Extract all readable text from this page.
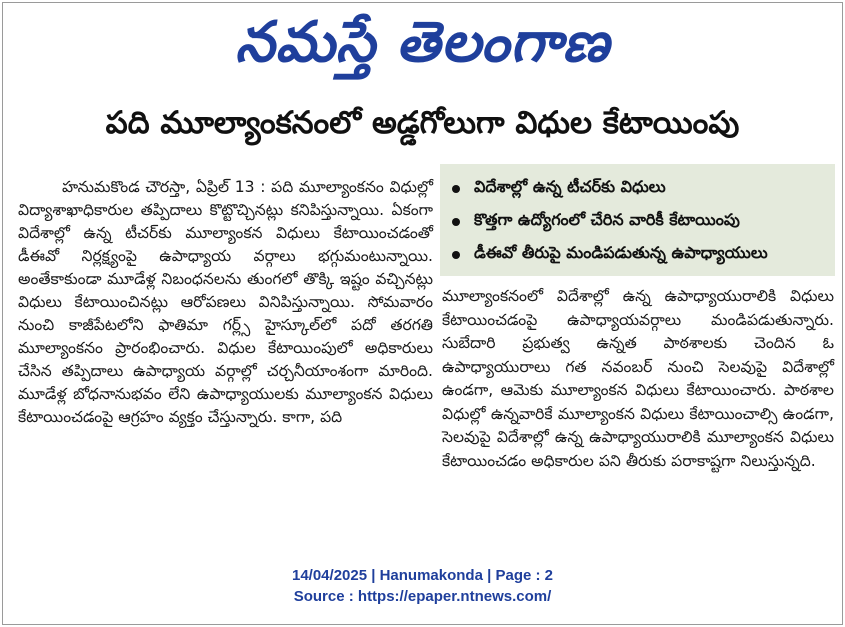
నమస్తే తెలంగాణ
పది మూల్యాంకనంలో అడ్డగోలుగా విధుల కేటాయింపు

హనుమకొండ చౌరస్తా, ఏప్రిల్ 13 : పది మూల్యాంకనం విధుల్లో విద్యాశాఖాధికారుల తప్పిదాలు కొట్టొచ్చినట్లు కనిపిస్తున్నాయి. ఏకంగా విదేశాల్లో ఉన్న టీచర్‌కు మూల్యాంకన విధులు కేటాయించడంతో డీఈవో నిర్లక్ష్యంపై ఉపాధ్యాయ వర్గాలు భగ్గుమంటున్నాయి. అంతేకాకుండా మూడేళ్ల నిబంధనలను తుంగలో తొక్కి ఇష్టం వచ్చినట్లు విధులు కేటాయించినట్లు ఆరోపణలు వినిపిస్తున్నాయి. సోమవారం నుంచి కాజీపేటలోని ఫాతిమా గర్ల్స్ హైస్కూల్‌లో పదో తరగతి మూల్యాంకనం ప్రారంభించారు. విధుల కేటాయింపులో అధికారులు చేసిన తప్పిదాలు ఉపాధ్యాయ వర్గాల్లో చర్చనీయాంశంగా మారింది. మూడేళ్ల బోధనానుభవం లేని ఉపాధ్యాయులకు మూల్యాంకన విధులు కేటాయించడంపై ఆగ్రహం వ్యక్తం చేస్తున్నారు. కాగా, పది

విదేశాల్లో ఉన్న టీచర్‌కు విధులు
కొత్తగా ఉద్యోగంలో చేరిన వారికీ కేటాయింపు
డీఈవో తీరుపై మండిపడుతున్న ఉపాధ్యాయులు

మూల్యాంకనంలో విదేశాల్లో ఉన్న ఉపాధ్యాయురాలికి విధులు కేటాయించడంపై ఉపాధ్యాయవర్గాలు మండిపడుతున్నారు. సుబేదారి ప్రభుత్వ ఉన్నత పాఠశాలకు చెందిన ఓ ఉపాధ్యాయురాలు గత నవంబర్ నుంచి సెలవుపై విదేశాల్లో ఉండగా, ఆమెకు మూల్యాంకన విధులు కేటాయించారు. పాఠశాల విధుల్లో ఉన్నవారికే మూల్యాంకన విధులు కేటాయించాల్సి ఉండగా, సెలవుపై విదేశాల్లో ఉన్న ఉపాధ్యాయురాలికి మూల్యాంకన విధులు కేటాయించడం అధికారుల పని తీరుకు పరాకాష్టగా నిలుస్తున్నది.

14/04/2025 | Hanumakonda | Page : 2
Source : https://epaper.ntnews.com/
